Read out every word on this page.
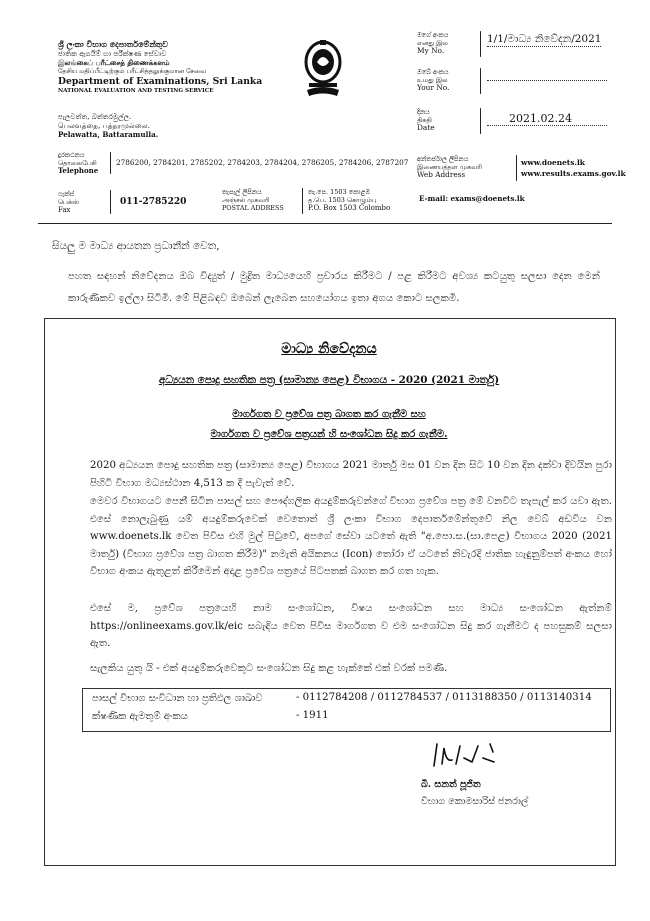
ශ්‍රී ලංකා විභාග දෙපාර්තමේන්තුව
ජාතික ඇගයීම් හා පරීක්ෂණ සේවාව
இலங்கைப் பரீட்சைத் திணைக்களம்
தேசிய மதிப்பீட்டிற்கும் பரீட்சித்தலுக்குமான சேவை
Department of Examinations, Sri Lanka
NATIONAL EVALUATION AND TESTING SERVICE
පැලවත්ත, බත්තරමුල්ල.
பெலவத்தை, பத்தரமுல்லை.
Pelawatta, Battaramulla.
මගේ අංකය
எனது இல
My No.
1/1/මාධ්‍ය නිවේදන/2021
ඔබේ අංකය
உமது இல
Your No.
දිනය
திகதி
Date
2021.02.24
දුරකථනය
தொலைபேசி
Telephone
2786200, 2784201, 2785202, 2784203, 2784204, 2786205, 2784206, 2787207 අන්තර්ජාල ලිපිනය
இணையத்தள முகவரி
Web Address
www.doenets.lk
www.results.exams.gov.lk
ෆැක්ස්
பெக்ஸ்
Fax
011-2785220
තැපැල් ලිපිනය
அஞ்சல் முகவரி
POSTAL ADDRESS
තැ.පෙ. 1503 කොළඹ
த.பெ. 1503 கொழும்பு
P.O. Box 1503 Colombo
E-mail: exams@doenets.lk
සියලු ම මාධ්‍ය ආයතන ප්‍රධානීන් වෙත,
පහත සඳහන් නිවේදනය ඔබ විද්‍යුත් / මුද්‍රිත මාධ්‍යයෙහි ප්‍රචාරය කිරීමට / පළ කිරීමට අවශ්‍ය කටයුතු සලසා දෙන මෙන් කාරුණිකව ඉල්ලා සිටිමි. මේ පිළිබඳව ඔබෙන් ලැබෙන සහයෝගය ඉතා අගය කොට සලකමි.
මාධ්‍ය නිවේදනය
අධ්‍යයන පොදු සහතික පත්‍ර (සාමාන්‍ය පෙළ) විභාගය - 2020 (2021 මාර්තු)
මාර්ගගත ව ප්‍රවේශ පත්‍ර බාගත කර ගැනීම සහ
මාර්ගගත ව ප්‍රවේශ පත්‍රයන් හි සංශෝධන සිදු කර ගැනීම.
2020 අධ්‍යයන පොදු සහතික පත්‍ර (සාමාන්‍ය පෙළ) විභාගය 2021 මාර්තු මස 01 වන දින සිට 10 වන දින දක්වා දිවයින පුරා පිහිටි විභාග මධ්‍යස්ථාන 4,513 ක දී පැවැත් වේ.
මෙවර විභාගයට පෙනී සිටින පාසල් සහ පෞද්ගලික අයදුම්කරුවන්ගේ විභාග ප්‍රවේශ පත්‍ර මේ වනවිට තැපැල් කර යවා ඇත. එසේ නොලැබුණු යම් අයදුම්කරුවෙක් වෙතොත් ශ්‍රී ලංකා විභාග දෙපාර්තමේන්තුවේ නිල වෙබ් අඩවිය වන www.doenets.lk වෙත පිවිස එහි මුල් පිටුවේ, අපගේ සේවා යටතේ ඇති "අ.පො.ස.(සා.පෙළ) විභාගය 2020 (2021 මාර්තු) (විභාග ප්‍රවේශ පත්‍ර බාගත කිරීම)" නමැති අයිකනය (Icon) තෝරා ඒ යටතේ නිවැරදි ජාතික හැඳුනුම්පත් අංකය හෝ විභාග අංකය ඇතුළත් කිරීමෙන් අදාළ ප්‍රවේශ පත්‍රයේ පිටපතක් බාගත කර ගත හැක.
එසේ ම, ප්‍රවේශ පත්‍රයෙහි නාම සංශෝධන, විෂය සංශෝධන සහ මාධ්‍ය සංශෝධන ඇත්නම් https://onlineexams.gov.lk/eic සබැඳිය වෙත පිවිස මාර්ගගත ව එම සංශෝධන සිදු කර ගැනීමට ද පහසුකම් සලසා ඇත.
සැලකිය යුතු යි - එක් අයදුම්කරුවෙකුට සංශෝධන සිදු කළ හැක්කේ එක් වරක් පමණි.
පාසල් විභාග සංවිධාන හා ප්‍රතිඵල ශාඛාව	- 0112784208 / 0112784537 / 0113188350 / 0113140314
ක්ෂණික ඇමතුම් අංකය	- 1911
බී. සනත් පූජිත
විභාග කොමසාරිස් ජනරාල්
